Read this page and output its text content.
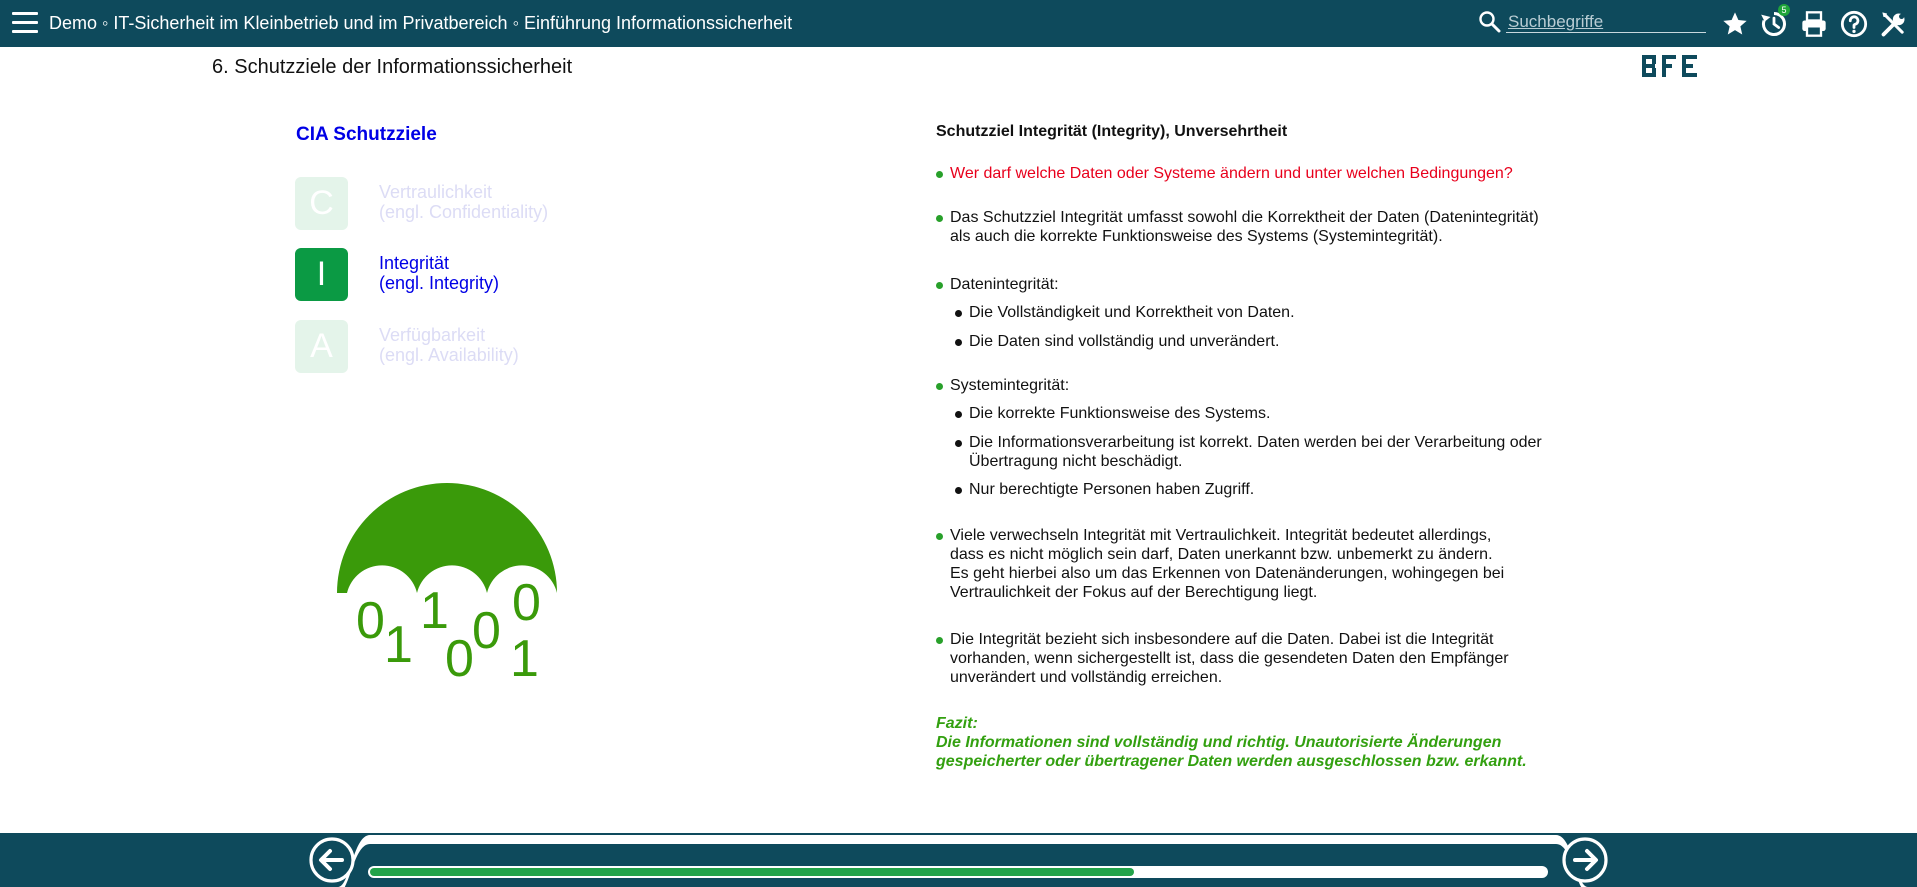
Demo ◦ IT-Sicherheit im Kleinbetrieb und im Privatbereich ◦ Einführung Informationssicherheit
Suchbegriffe
5
6. Schutzziele der Informationssicherheit
CIA Schutzziele
C	Vertraulichkeit
(engl. Confidentiality)
I	Integrität
(engl. Integrity)
A	Verfügbarkeit
(engl. Availability)
0 1
1
0
0 0
1
Schutzziel Integrität (Integrity), Unversehrtheit
Wer darf welche Daten oder Systeme ändern und unter welchen Bedingungen?
Das Schutzziel Integrität umfasst sowohl die Korrektheit der Daten (Datenintegrität)
als auch die korrekte Funktionsweise des Systems (Systemintegrität).
Datenintegrität:
Die Vollständigkeit und Korrektheit von Daten.
Die Daten sind vollständig und unverändert.
Systemintegrität:
Die korrekte Funktionsweise des Systems.
Die Informationsverarbeitung ist korrekt. Daten werden bei der Verarbeitung oder
Übertragung nicht beschädigt.
Nur berechtigte Personen haben Zugriff.
Viele verwechseln Integrität mit Vertraulichkeit. Integrität bedeutet allerdings,
dass es nicht möglich sein darf, Daten unerkannt bzw. unbemerkt zu ändern.
Es geht hierbei also um das Erkennen von Datenänderungen, wohingegen bei
Vertraulichkeit der Fokus auf der Berechtigung liegt.
Die Integrität bezieht sich insbesondere auf die Daten. Dabei ist die Integrität
vorhanden, wenn sichergestellt ist, dass die gesendeten Daten den Empfänger
unverändert und vollständig erreichen.
Fazit:
Die Informationen sind vollständig und richtig. Unautorisierte Änderungen
gespeicherter oder übertragener Daten werden ausgeschlossen bzw. erkannt.
